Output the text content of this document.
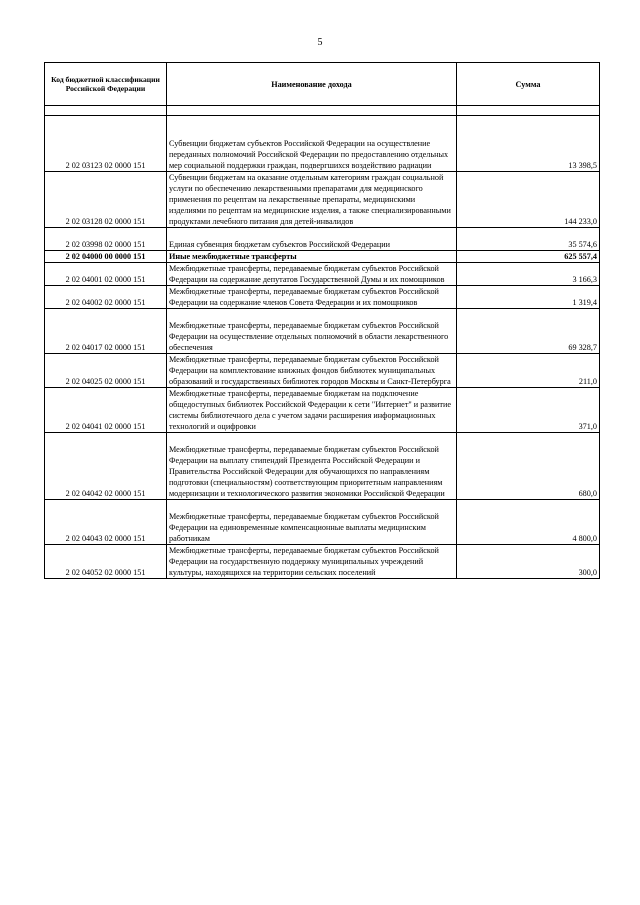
5
Код бюджетной классификации Российской Федерации	Наименование дохода	Сумма

2 02 03123 02 0000 151	Субвенции бюджетам субъектов Российской Федерации на осуществление переданных полномочий Российской Федерации по предоставлению отдельных мер социальной поддержки граждан, подвергшихся воздействию радиации	13 398,5
2 02 03128 02 0000 151	Субвенции бюджетам на оказание отдельным категориям граждан социальной услуги по обеспечению лекарственными препаратами для медицинского применения по рецептам на лекарственные препараты, медицинскими изделиями по рецептам на медицинские изделия, а также специализированными продуктами лечебного питания для детей-инвалидов	144 233,0
2 02 03998 02 0000 151	Единая субвенция бюджетам субъектов Российской Федерации	35 574,6
2 02 04000 00 0000 151	Иные межбюджетные трансферты	625 557,4
2 02 04001 02 0000 151	Межбюджетные трансферты, передаваемые бюджетам субъектов Российской Федерации на содержание депутатов Государственной Думы и их помощников	3 166,3
2 02 04002 02 0000 151	Межбюджетные трансферты, передаваемые бюджетам субъектов Российской Федерации на содержание членов Совета Федерации и их помощников	1 319,4
2 02 04017 02 0000 151	Межбюджетные трансферты, передаваемые бюджетам субъектов Российской Федерации на осуществление отдельных полномочий в области лекарственного обеспечения	69 328,7
2 02 04025 02 0000 151	Межбюджетные трансферты, передаваемые бюджетам субъектов Российской Федерации на комплектование книжных фондов библиотек муниципальных образований и государственных библиотек городов Москвы и Санкт-Петербурга	211,0
2 02 04041 02 0000 151	Межбюджетные трансферты, передаваемые бюджетам на подключение общедоступных библиотек Российской Федерации к сети "Интернет" и развитие системы библиотечного дела с учетом задачи расширения информационных технологий и оцифровки	371,0
2 02 04042 02 0000 151	Межбюджетные трансферты, передаваемые бюджетам субъектов Российской Федерации на выплату стипендий Президента Российской Федерации и Правительства Российской Федерации для обучающихся по направлениям подготовки (специальностям) соответствующим приоритетным направлениям модернизации и технологического развития экономики Российской Федерации	680,0
2 02 04043 02 0000 151	Межбюджетные трансферты, передаваемые бюджетам субъектов Российской Федерации на единовременные компенсационные выплаты медицинским работникам	4 800,0
2 02 04052 02 0000 151	Межбюджетные трансферты, передаваемые бюджетам субъектов Российской Федерации на государственную поддержку муниципальных учреждений культуры, находящихся на территории сельских поселений	300,0
